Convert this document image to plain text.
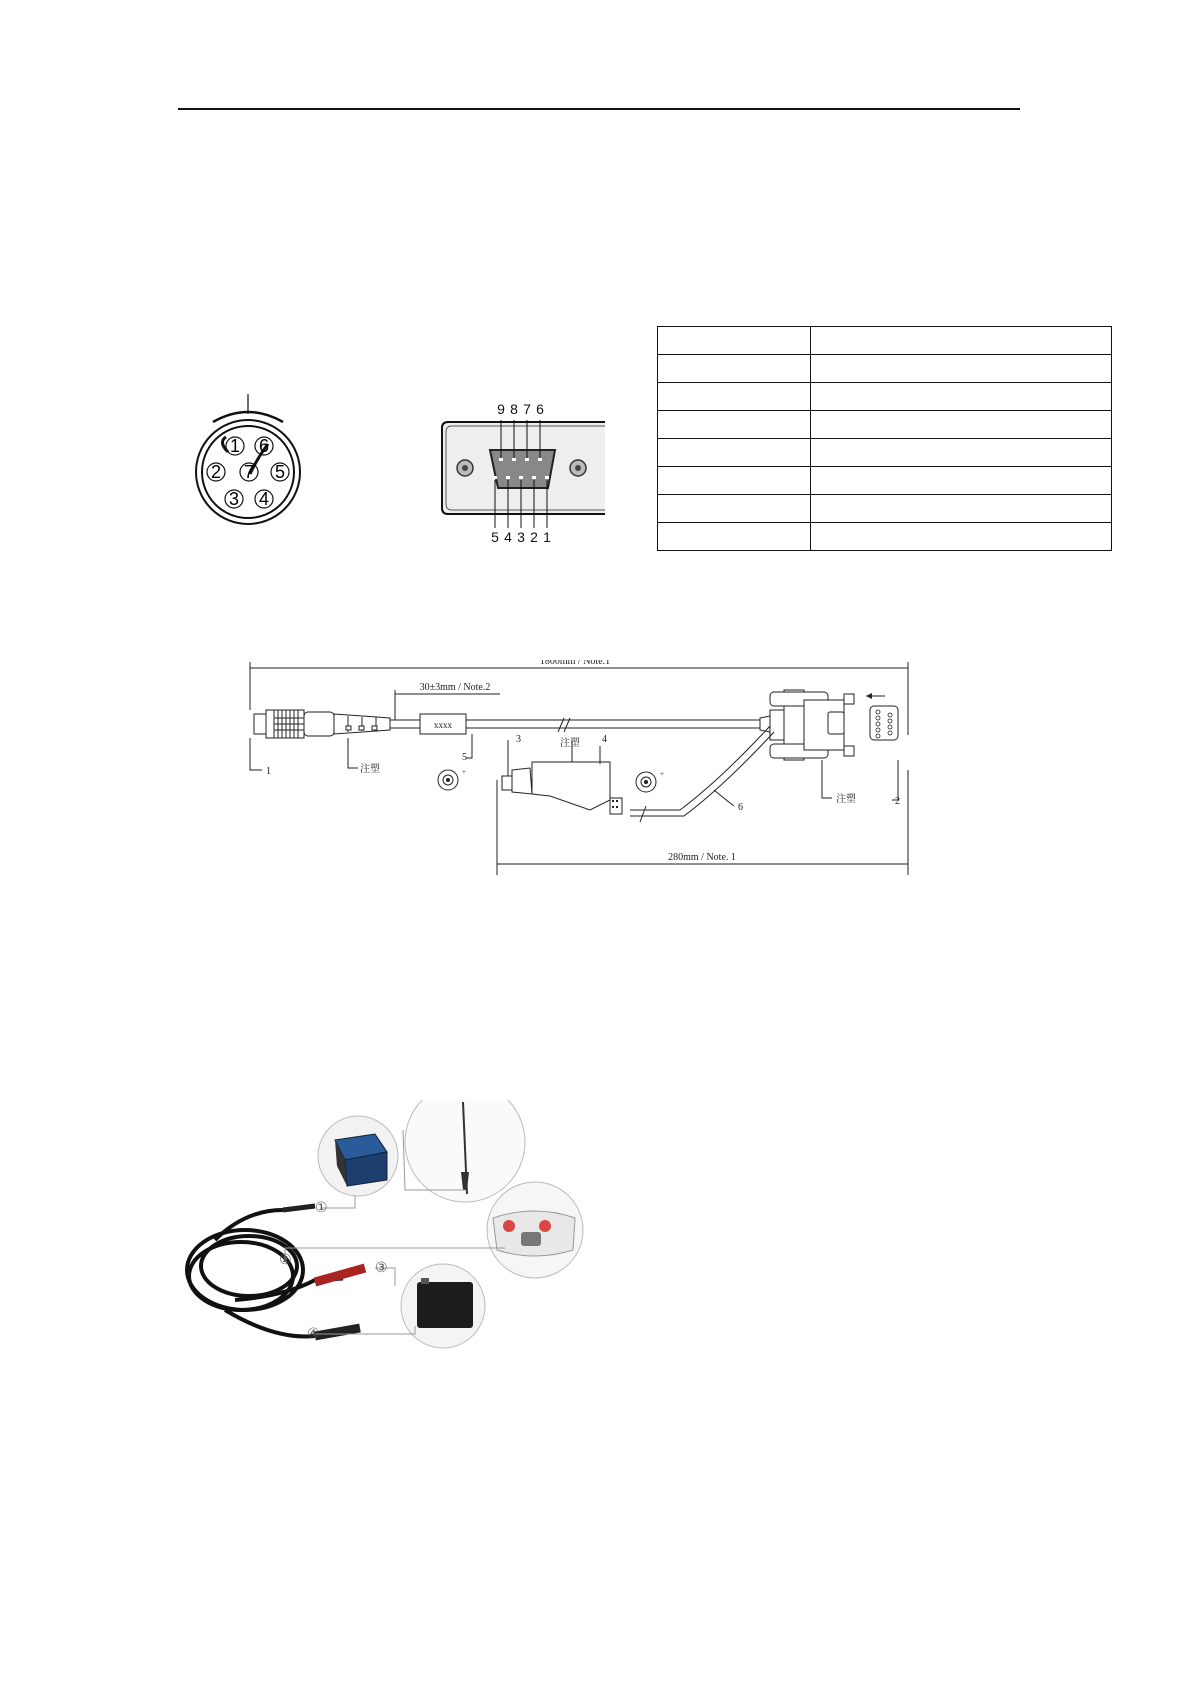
1
2
3 4
5
6
7
9 8 7 6
5 4 3 2 1

1800mm / Note.1
30±3mm / Note.2
xxxx
+	+
280mm / Note. 1
1
2
3	4
5
6
注塑
注塑
注塑
①
②	③
④
